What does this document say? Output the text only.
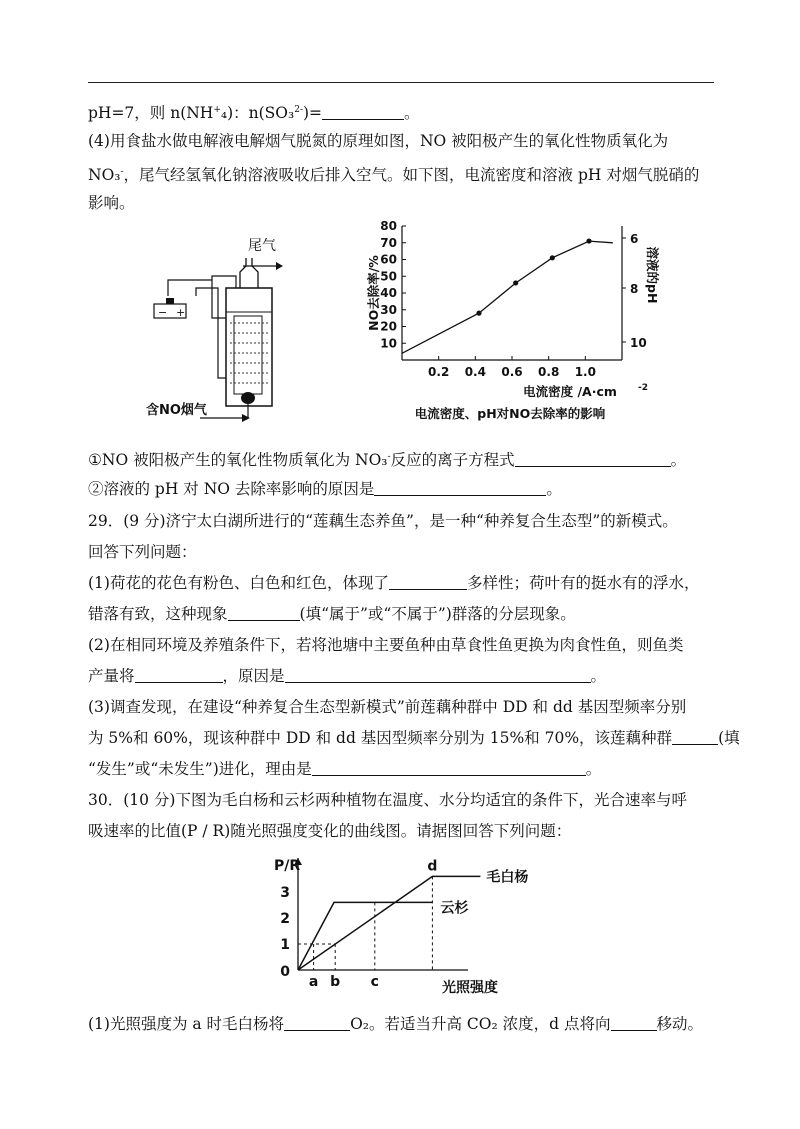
pH=7，则 n(NH+₄)：n(SO₃$^{2-}$)=	。
(4)用食盐水做电解液电解烟气脱氮的原理如图，NO 被阳极产生的氧化性物质氧化为
NO₃-，尾气经氢氧化钠溶液吸收后排入空气。如下图，电流密度和溶液 pH 对烟气脱硝的
影响。
尾气
− +
含NO烟气
10
20
30
40
50
60
70
80
0.2 0.4 0.6 0.8 1.0
6
8
10
NO去除率/%	溶液的pH
电流密度 /A·cm -2
电流密度、pH对NO去除率的影响
①NO 被阳极产生的氧化性物质氧化为 NO₃-反应的离子方程式	。
②溶液的 pH 对 NO 去除率影响的原因是	。
29．(9 分)济宁太白湖所进行的“莲藕生态养鱼”，是一种“种养复合生态型”的新模式。
回答下列问题：
(1)荷花的花色有粉色、白色和红色，体现了	多样性；荷叶有的挺水有的浮水，
错落有致，这种现象	(填“属于”或“不属于”)群落的分层现象。
(2)在相同环境及养殖条件下，若将池塘中主要鱼种由草食性鱼更换为肉食性鱼，则鱼类
产量将	，原因是	。
(3)调查发现，在建设“种养复合生态型新模式”前莲藕种群中 DD 和 dd 基因型频率分别
为 5%和 60%，现该种群中 DD 和 dd 基因型频率分别为 15%和 70%，该莲藕种群	(填
“发生”或“未发生”)进化，理由是	。
30．(10 分)下图为毛白杨和云杉两种植物在温度、水分均适宜的条件下，光合速率与呼
吸速率的比值(P / R)随光照强度变化的曲线图。请据图回答下列问题：
P/R
1
2
3
0
毛白杨
云杉
a b c
d
光照强度
(1)光照强度为 a 时毛白杨将	O₂。若适当升高 CO₂ 浓度，d 点将向	移动。
